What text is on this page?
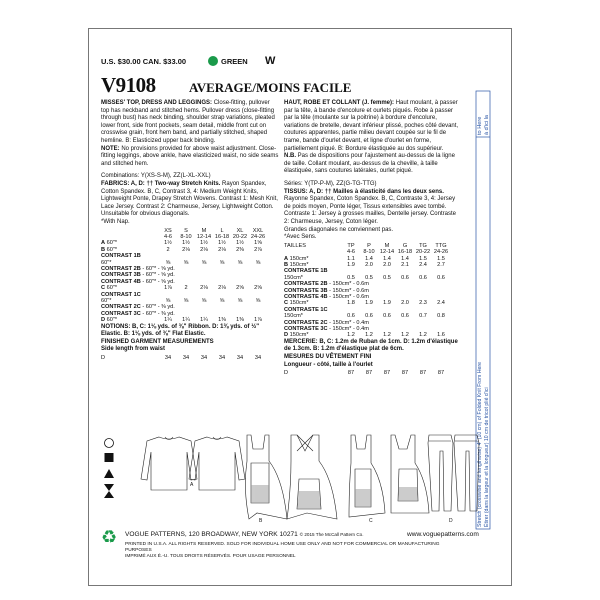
U.S. $30.00 CAN. $33.00	GREEN W
V9108	AVERAGE/MOINS FACILE

MISSES' TOP, DRESS AND LEGGINGS: Close-fitting, pullover top has neckband and stitched hems. Pullover dress (close-fitting through bust) has neck binding, shoulder strap variations, pleated lower front, side front pockets, seam detail, middle front cut on crosswise grain, front hem band, and partially stitched, shaped hemline. B: Elasticized upper back binding.

NOTE: No provisions provided for above waist adjustment. Close-fitting leggings, above ankle, have elasticized waist, no side seams and stitched hem.

Combinations: Y(XS-S-M), ZZ(L-XL-XXL)

FABRICS: A, D: †† Two-way Stretch Knits. Rayon Spandex, Cotton Spandex. B, C, Contrast 3, 4: Medium Weight Knits, Lightweight Ponte, Drapey Stretch Wovens. Contrast 1: Mesh Knit, Lace Jersey. Contrast 2: Charmeuse, Jersey, Lightweight Cotton.

Unsuitable for obvious diagonals.

*With Nap.

	XS	S	M	L	XL	XXL
	4-6	8-10	12-14	16-18	20-22	24-26
A 60"*	1½	1½	1½	1½	1½	1⅝
B 60"*	2	2⅛	2⅛	2⅛	2⅜	2⅞
CONTRAST 1B						
60"*	⅝	⅝	⅝	⅝	⅝	⅝
CONTRAST 2B - 60"* - ⅝ yd.						
CONTRAST 3B - 60"* - ⅝ yd.						
CONTRAST 4B - 60"* - ⅝ yd.						
C 60"*	1⅞	2	2⅛	2⅛	2⅝	2⅝
CONTRAST 1C						
60"*	⅝	⅝	⅝	⅝	⅝	⅝
CONTRAST 2C - 60"* - ⅜ yd.						
CONTRAST 3C - 60"* - ⅜ yd.						
D 60"*	1¼	1¼	1¼	1⅜	1⅜	1⅞

NOTIONS: B, C: 1⅛ yds. of ⅜" Ribbon. D: 1⅜ yds. of ½" Elastic. B: 1⅛ yds. of ⅜" Flat Elastic.

FINISHED GARMENT MEASUREMENTS

Side length from waist

D	34	34	34	34	34	34

HAUT, ROBE ET COLLANT (J. femme): Haut moulant, à passer par la tête, à bande d'encolure et ourlets piqués. Robe à passer par la tête (moulante sur la poitrine) à bordure d'encolure, variations de bretelle, devant inférieur plissé, poches côté devant, coutures apparentes, partie milieu devant coupée sur le fil de trame, bande d'ourlet devant, et ligne d'ourlet en forme, partiellement piqué. B: Bordure élastiquée au dos supérieur.

N.B. Pas de dispositions pour l'ajustement au-dessus de la ligne de taille. Collant moulant, au-dessus de la cheville, à taille élastiquée, sans coutures latérales, ourlet piqué.

Séries: Y(TP-P-M), ZZ(G-TG-TTG)

TISSUS: A, D: †† Mailles à élasticité dans les deux sens. Rayonne Spandex, Coton Spandex. B, C, Contraste 3, 4: Jersey de poids moyen, Ponte léger, Tissus extensibles avec tombé. Contraste 1: Jersey à grosses mailles, Dentelle jersey. Contraste 2: Charmeuse, Jersey, Coton léger.

Grandes diagonales ne conviennent pas.

*Avec Sens.

TAILLES	TP	P	M	G	TG	TTG
	4-6	8-10	12-14	16-18	20-22	24-26
A 150cm*	1.1	1.4	1.4	1.4	1.5	1.5
B 150cm*	1.9	2.0	2.0	2.1	2.4	2.7
CONTRASTE 1B						
150cm*	0.5	0.5	0.5	0.6	0.6	0.6
CONTRASTE 2B - 150cm* - 0.6m						
CONTRASTE 3B - 150cm* - 0.6m						
CONTRASTE 4B - 150cm* - 0.6m						
C 150cm*	1.8	1.9	1.9	2.0	2.3	2.4
CONTRASTE 1C						
150cm*	0.6	0.6	0.6	0.6	0.7	0.8
CONTRASTE 2C - 150cm* - 0.4m						
CONTRASTE 3C - 150cm* - 0.4m						
D 150cm*	1.2	1.2	1.2	1.2	1.2	1.6

MERCERIE: B, C: 1.2m de Ruban de 1cm. D: 1.2m d'élastique de 1.3cm. B: 1.2m d'élastique plat de 6cm.

MESURES DU VÊTEMENT FINI

Longueur - côté, taille à l'ourlet

D	87	87	87	87	87	87
to Here à d'ici la
Stretch (crosswise and lengthwise) 4" (10 cm) of Folded Knit From Here Étirer (dans la largeur et la longueur) 10 cm de tricot plié d'ici
A
B	C	D
♻ VOGUE PATTERNS, 120 BROADWAY, NEW YORK 10271 © 2015 The McCall Pattern Co.	www.voguepatterns.com
PRINTED IN U.S.A. ALL RIGHTS RESERVED. SOLD FOR INDIVIDUAL HOME USE ONLY AND NOT FOR COMMERCIAL OR MANUFACTURING PURPOSES
IMPRIMÉ AUX É.-U. TOUS DROITS RÉSERVÉS. POUR USAGE PERSONNEL
